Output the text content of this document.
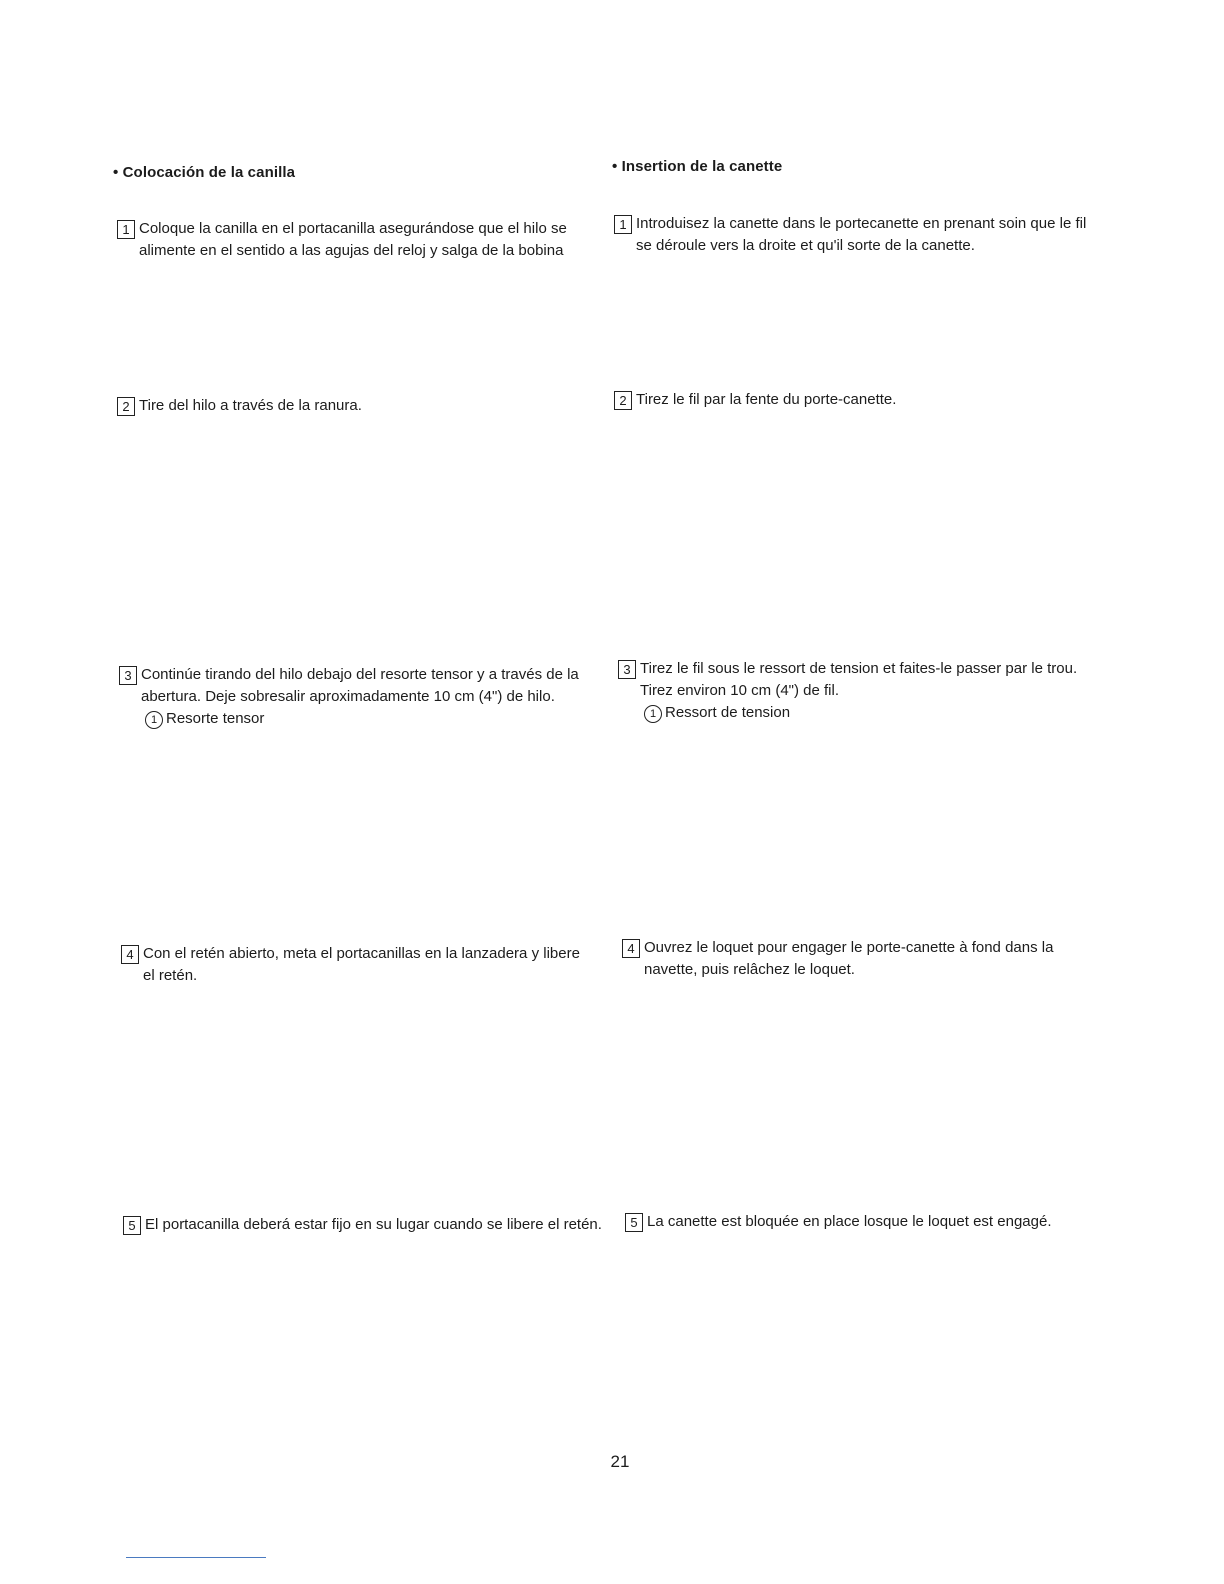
• Colocación de la canilla
1 Coloque la canilla en el portacanilla asegurándose que el hilo se alimente en el sentido a las agujas del reloj y salga de la bobina
2 Tire del hilo a través de la ranura.
3 Continúe tirando del hilo debajo del resorte tensor y a través de la abertura. Deje sobresalir aproximadamente 10 cm (4") de hilo.
1 Resorte tensor
4 Con el retén abierto, meta el portacanillas en la lanzadera y libere el retén.
5 El portacanilla deberá estar fijo en su lugar cuando se libere el retén.
• Insertion de la canette
1 Introduisez la canette dans le portecanette en prenant soin que le fil se déroule vers la droite et qu'il sorte de la canette.
2 Tirez le fil par la fente du porte-canette.
3 Tirez le fil sous le ressort de tension et faites-le passer par le trou. Tirez environ 10 cm (4") de fil.
1 Ressort de tension
4 Ouvrez le loquet pour engager le porte-canette à fond dans la navette, puis relâchez le loquet.
5 La canette est bloquée en place losque le loquet est engagé.
21
